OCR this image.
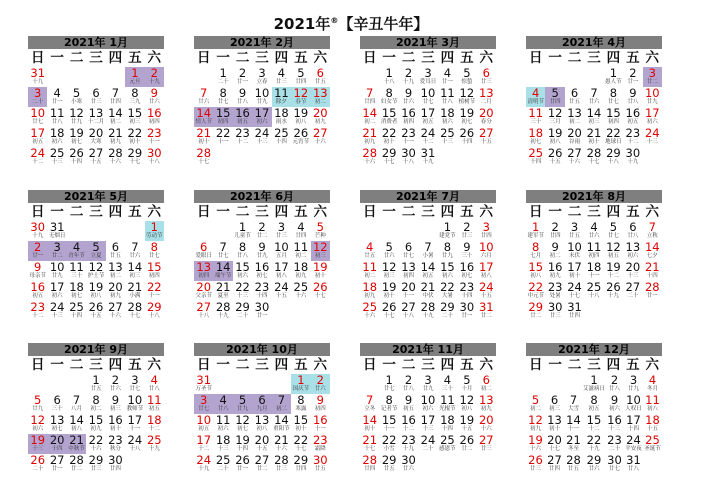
2021年®【辛丑牛年】
2021年 1月
日 一 二 三 四 五 六
31
十九
1
元旦
2
十九
3
二十
4
廿一
5
小寒
6
廿三
7
廿四
8
三九
9
廿六
10
廿七
11
廿八
12
廿九
13
十二月
14
初二
15
初三
16
初四
17
初五
18
初六
19
初七
20
大寒
21
初九
22
初十
23
十一
24
十二
25
十三
26
十四
27
十五
28
十六
29
十七
30
十八
2021年 2月
日 一 二 三 四 五 六
1
二十
2
廿一
3
立春
4
廿三
5
廿四
6
廿五
7
廿六
8
廿七
9
廿八
10
廿九
11
除夕
12
春节
13
初二
14
情人节
15
初四
16
初五
17
初六
18
雨水
19
初八
20
初九
21
初十
22
十一
23
十二
24
十三
25
十四
26
元宵节
27
十六
28
十七
2021年 3月
日 一 二 三 四 五 六
1
十八
2
十九
3
爱耳日
4
廿一
5
惊蛰
6
廿三
7
廿四
8
妇女节
9
廿六
10
廿七
11
廿八
12
植树节
13
二月
14
初二
15
消费者
16
初四
17
初五
18
初六
19
初七
20
春分
21
初九
22
初十
23
十一
24
十二
25
十三
26
十四
27
十五
28
十六
29
十七
30
十八
31
十九
2021年 4月
日 一 二 三 四 五 六
1
愚人节
2
廿一
3
廿二
4
清明节
5
廿四
6
廿五
7
廿六
8
廿七
9
廿八
10
廿九
11
三十
12
三月
13
初二
14
初三
15
初四
16
初五
17
初六
18
初七
19
初八
20
谷雨
21
初十
22
地球日
23
十二
24
十三
25
十四
26
十五
27
十六
28
十七
29
十八
30
十九
2021年 5月
日 一 二 三 四 五 六
30
十九
31
无烟日
1
劳动节
2
廿一
3
廿二
4
青年节
5
立夏
6
廿五
7
廿六
8
廿七
9
母亲节
10
廿九
11
三十
12
护士节
13
初二
14
初三
15
初四
16
初五
17
初六
18
初七
19
初八
20
初九
21
小满
22
十一
23
十二
24
十三
25
十四
26
十五
27
十六
28
十七
29
十八
2021年 6月
日 一 二 三 四 五 六
1
儿童节
2
廿二
3
廿三
4
廿四
5
芒种
6
爱眼日
7
廿七
8
廿八
9
廿九
10
五月
11
初二
12
初三
13
初四
14
端午节
15
初六
16
初七
17
初八
18
初九
19
初十
20
父亲节
21
夏至
22
十三
23
十四
24
十五
25
十六
26
十七
27
十八
28
十九
29
二十
30
廿一
2021年 7月
日 一 二 三 四 五 六
1
建党节
2
廿三
3
廿四
4
廿五
5
廿六
6
廿七
7
小暑
8
廿九
9
三十
10
六月
11
初二
12
初三
13
初四
14
初五
15
初六
16
初七
17
初八
18
初九
19
初十
20
十一
21
中伏
22
大暑
23
十四
24
十五
25
十六
26
十七
27
十八
28
十九
29
二十
30
廿一
31
廿二
2021年 8月
日 一 二 三 四 五 六
1
建军节
2
廿四
3
廿五
4
廿六
5
廿七
6
廿八
7
立秋
8
七月
9
初二
10
末伏
11
初四
12
初五
13
初六
14
七夕
15
初八
16
初九
17
初十
18
十一
19
十二
20
十三
21
十四
22
中元节
23
处暑
24
十七
25
十八
26
十九
27
二十
28
廿一
29
廿二
30
廿三
31
廿四
2021年 9月
日 一 二 三 四 五 六
1
廿五
2
廿六
3
廿七
4
廿八
5
廿九
6
三十
7
八月
8
初二
9
初三
10
教师节
11
初五
12
初六
13
初七
14
初八
15
初九
16
初十
17
十一
18
十二
19
十三
20
十四
21
中秋节
22
十六
23
秋分
24
十八
25
十九
26
二十
27
廿一
28
廿二
29
廿三
30
廿四
2021年 10月
日 一 二 三 四 五 六
31
万圣节
1
国庆节
2
廿六
3
廿七
4
廿八
5
廿九
6
九月
7
初二
8
寒露
9
初四
10
初五
11
初六
12
初七
13
初八
14
重阳节
15
初十
16
十一
17
十二
18
十三
19
十四
20
十五
21
十六
22
十七
23
霜降
24
十九
25
二十
26
廿一
27
廿二
28
廿三
29
廿四
30
廿五
2021年 11月
日 一 二 三 四 五 六
1
廿七
2
廿八
3
廿九
4
三十
5
十月
6
初二
7
立冬
8
记者节
9
初五
10
初六
11
光棍节
12
初八
13
初九
14
初十
15
十一
16
十二
17
十三
18
十四
19
十五
20
十六
21
十七
22
小雪
23
十九
24
二十
25
感恩节
26
廿二
27
廿三
28
廿四
29
廿五
30
廿六
2021年 12月
日 一 二 三 四 五 六
1
艾滋病日
2
廿八
3
廿九
4
冬月
5
初二
6
初三
7
大雪
8
初五
9
初六
10
人权日
11
初八
12
初九
13
初十
14
十一
15
十二
16
十三
17
十四
18
十五
19
十六
20
十七
21
冬至
22
十九
23
二十
24
平安夜
25
圣诞节
26
廿三
27
廿四
28
廿五
29
廿六
30
廿七
31
廿八
